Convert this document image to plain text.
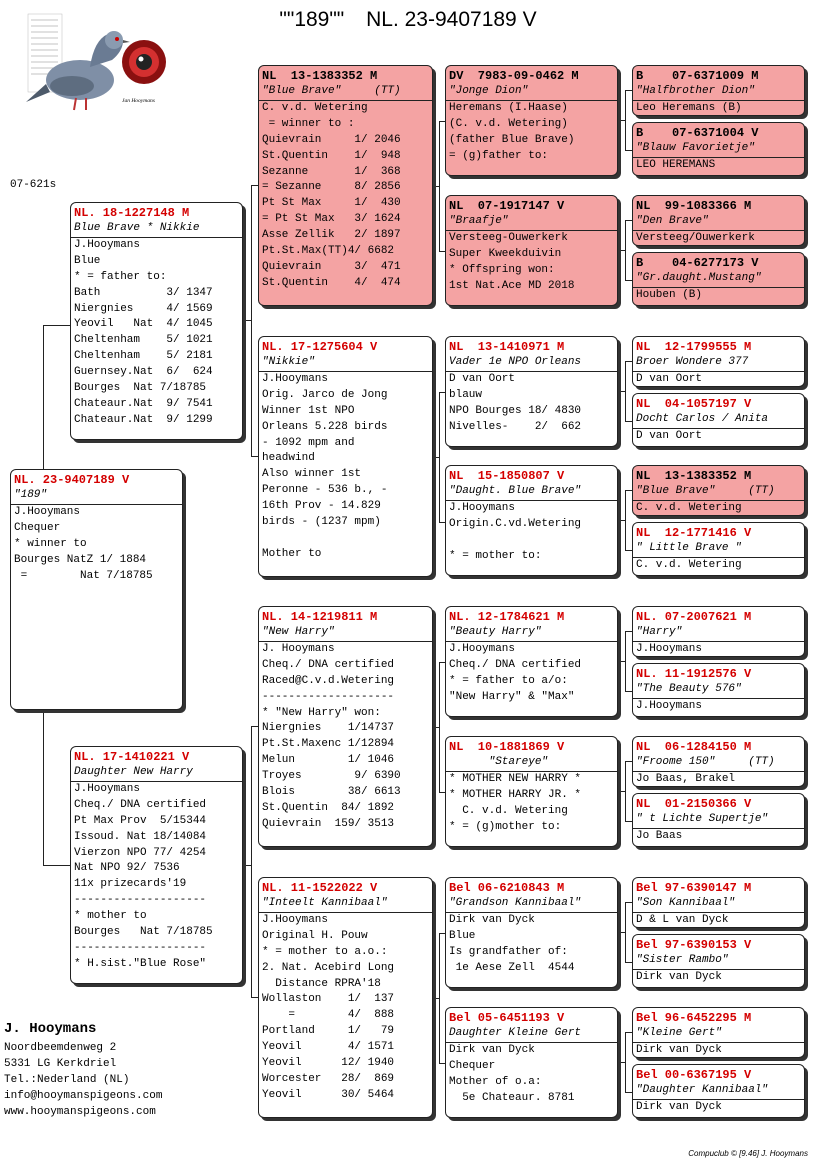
""189"" NL. 23-9407189 V
Jan Hooymans
07-621s
NL. 23-9407189 V
"189"
J.Hooymans
Chequer
* winner to
Bourges NatZ 1/ 1884
=        Nat 7/18785
NL. 18-1227148 M
Blue Brave * Nikkie
J.Hooymans
Blue
* = father to:
Bath          3/ 1347
Niergnies     4/ 1569
Yeovil   Nat  4/ 1045
Cheltenham    5/ 1021
Cheltenham    5/ 2181
Guernsey.Nat  6/  624
Bourges  Nat 7/18785
Chateaur.Nat  9/ 7541
Chateaur.Nat  9/ 1299
NL. 17-1410221 V
Daughter New Harry
J.Hooymans
Cheq./ DNA certified
Pt Max Prov  5/15344
Issoud. Nat 18/14084
Vierzon NPO 77/ 4254
Nat NPO 92/ 7536
11x prizecards'19
--------------------
* mother to
Bourges   Nat 7/18785
--------------------
* H.sist."Blue Rose"
NL  13-1383352 M
"Blue Brave"     (TT)
C. v.d. Wetering
= winner to :
Quievrain     1/ 2046
St.Quentin    1/  948
Sezanne       1/  368
= Sezanne     8/ 2856
Pt St Max     1/  430
= Pt St Max   3/ 1624
Asse Zellik   2/ 1897
Pt.St.Max(TT)4/ 6682
Quievrain     3/  471
St.Quentin    4/  474
NL. 17-1275604 V
"Nikkie"
J.Hooymans
Orig. Jarco de Jong
Winner 1st NPO
Orleans 5.228 birds
- 1092 mpm and
headwind
Also winner 1st
Peronne - 536 b., -
16th Prov - 14.829
birds - (1237 mpm)

Mother to
NL. 14-1219811 M
"New Harry"
J. Hooymans
Cheq./ DNA certified
Raced@C.v.d.Wetering
--------------------
* "New Harry" won:
Niergnies    1/14737
Pt.St.Maxenc 1/12894
Melun        1/ 1046
Troyes        9/ 6390
Blois        38/ 6613
St.Quentin  84/ 1892
Quievrain  159/ 3513
NL. 11-1522022 V
"Inteelt Kannibaal"
J.Hooymans
Original H. Pouw
* = mother to a.o.:
2. Nat. Acebird Long
Distance RPRA'18
Wollaston    1/  137
=        4/  888
Portland     1/   79
Yeovil       4/ 1571
Yeovil      12/ 1940
Worcester   28/  869
Yeovil      30/ 5464
DV  7983-09-0462 M
"Jonge Dion"
Heremans (I.Haase)
(C. v.d. Wetering)
(father Blue Brave)
= (g)father to:
NL  07-1917147 V
"Braafje"
Versteeg-Ouwerkerk
Super Kweekduivin
* Offspring won:
1st Nat.Ace MD 2018
NL  13-1410971 M
Vader 1e NPO Orleans
D van Oort
blauw
NPO Bourges 18/ 4830
Nivelles-    2/  662
NL  15-1850807 V
"Daught. Blue Brave"
J.Hooymans
Origin.C.vd.Wetering

* = mother to:
NL. 12-1784621 M
"Beauty Harry"
J.Hooymans
Cheq./ DNA certified
* = father to a/o:
"New Harry" & "Max"
NL  10-1881869 V
"Stareye"
* MOTHER NEW HARRY *
* MOTHER HARRY JR. *
C. v.d. Wetering
* = (g)mother to:
Bel 06-6210843 M
"Grandson Kannibaal"
Dirk van Dyck
Blue
Is grandfather of:
1e Aese Zell  4544
Bel 05-6451193 V
Daughter Kleine Gert
Dirk van Dyck
Chequer
Mother of o.a:
5e Chateaur. 8781
B    07-6371009 M
"Halfbrother Dion"
Leo Heremans (B)
B    07-6371004 V
"Blauw Favorietje"
LEO HEREMANS
NL  99-1083366 M
"Den Brave"
Versteeg/Ouwerkerk
B    04-6277173 V
"Gr.daught.Mustang"
Houben (B)
NL  12-1799555 M
Broer Wondere 377
D van Oort
NL  04-1057197 V
Docht Carlos / Anita
D van Oort
NL  13-1383352 M
"Blue Brave"     (TT)
C. v.d. Wetering
NL  12-1771416 V
" Little Brave "
C. v.d. Wetering
NL. 07-2007621 M
"Harry"
J.Hooymans
NL. 11-1912576 V
"The Beauty 576"
J.Hooymans
NL  06-1284150 M
"Froome 150"     (TT)
Jo Baas, Brakel
NL  01-2150366 V
" t Lichte Supertje"
Jo Baas
Bel 97-6390147 M
"Son Kannibaal"
D & L van Dyck
Bel 97-6390153 V
"Sister Rambo"
Dirk van Dyck
Bel 96-6452295 M
"Kleine Gert"
Dirk van Dyck
Bel 00-6367195 V
"Daughter Kannibaal"
Dirk van Dyck
J. Hooymans
Noordbeemdenweg 2
5331 LG Kerkdriel
Tel.:Nederland (NL)
info@hooymanspigeons.com
www.hooymanspigeons.com
Compuclub © [9.46] J. Hooymans
